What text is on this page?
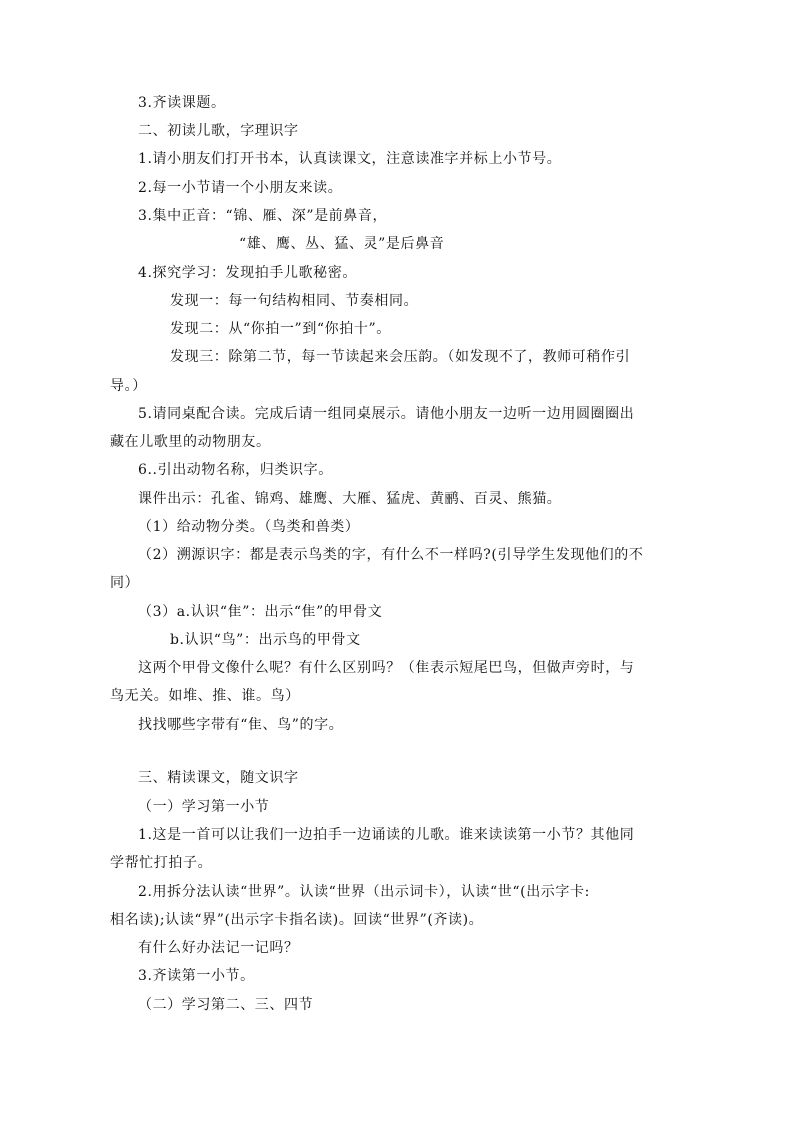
3.齐读课题。
二、初读儿歌，字理识字
1.请小朋友们打开书本，认真读课文，注意读准字并标上小节号。
2.每一小节请一个小朋友来读。
3.集中正音：“锦、雁、深”是前鼻音，
“雄、鹰、丛、猛、灵”是后鼻音
4.探究学习：发现拍手儿歌秘密。
发现一：每一句结构相同、节奏相同。
发现二：从“你拍一”到“你拍十”。
发现三：除第二节，每一节读起来会压韵。（如发现不了，教师可稍作引
导。）
5.请同桌配合读。完成后请一组同桌展示。请他小朋友一边听一边用圆圈圈出
藏在儿歌里的动物朋友。
6..引出动物名称，归类识字。
课件出示：孔雀、锦鸡、雄鹰、大雁、猛虎、黄鹂、百灵、熊猫。
（1）给动物分类。（鸟类和兽类）
（2）溯源识字：都是表示鸟类的字，有什么不一样吗?(引导学生发现他们的不
同）
（3）a.认识“隹”：出示“隹”的甲骨文
b.认识“鸟”：出示鸟的甲骨文
这两个甲骨文像什么呢？有什么区别吗？（隹表示短尾巴鸟，但做声旁时，与
鸟无关。如堆、推、谁。鸟）
找找哪些字带有“隹、鸟”的字。
三、精读课文，随文识字
（一）学习第一小节
1.这是一首可以让我们一边拍手一边诵读的儿歌。谁来读读第一小节？其他同
学帮忙打拍子。
2.用拆分法认读“世界”。认读“世界（出示词卡），认读“世“(出示字卡:
相名读);认读“界”(出示字卡指名读)。回读“世界”(齐读)。
有什么好办法记一记吗？
3.齐读第一小节。
（二）学习第二、三、四节
